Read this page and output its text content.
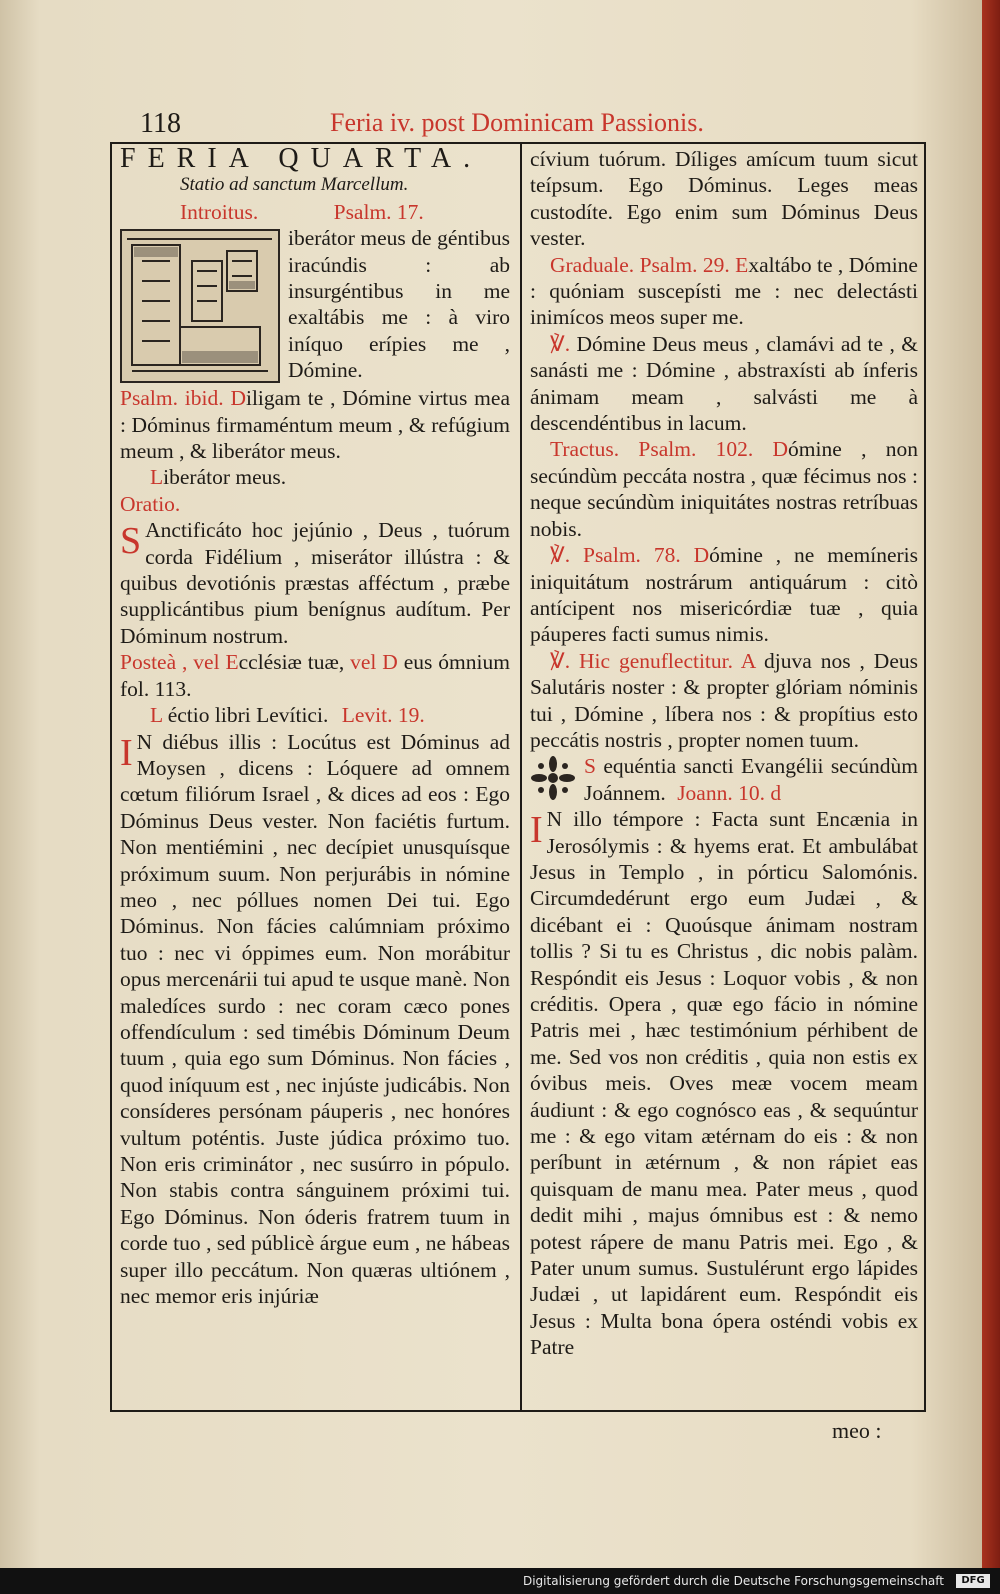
118	Feria iv. post Dominicam Passionis.

FERIA QUARTA.

Statio ad sanctum Marcellum.

Introitus.	Psalm. 17.

iberátor meus de géntibus iracúndis : ab insurgéntibus in me exaltábis me : à viro iníquo erípies me , Dómine.

Psalm. ibid. Diligam te , Dómine virtus mea : Dóminus firmaméntum meum , & refúgium meum , & liberátor meus.

Liberátor meus.

Oratio.

S Anctificáto hoc jejúnio , Deus , tuórum corda Fidélium , miserátor illústra : & quibus devotiónis præstas afféctum , præbe supplicántibus pium benígnus audítum. Per Dóminum nostrum.

Posteà , vel Ecclésiæ tuæ, vel D eus ómnium fol. 113.

L éctio libri Levítici. Levit. 19.

I N diébus illis : Locútus est Dóminus ad Moysen , dicens : Lóquere ad omnem cœtum filiórum Israel , & dices ad eos : Ego Dóminus Deus vester. Non faciétis furtum. Non mentiémini , nec decípiet unusquísque próximum suum. Non perjurábis in nómine meo , nec póllues nomen Dei tui. Ego Dóminus. Non fácies calúmniam próximo tuo : nec vi óppimes eum. Non morábitur opus mercenárii tui apud te usque manè. Non maledíces surdo : nec coram cæco pones offendículum : sed timébis Dóminum Deum tuum , quia ego sum Dóminus. Non fácies , quod iníquum est , nec injúste judicábis. Non consíderes persónam páuperis , nec honóres vultum poténtis. Juste júdica próximo tuo. Non eris criminátor , nec susúrro in pópulo. Non stabis contra sánguinem próximi tui. Ego Dóminus. Non óderis fratrem tuum in corde tuo , sed públicè árgue eum , ne hábeas super illo peccátum. Non quæras ultiónem , nec memor eris injúriæ

cívium tuórum. Díliges amícum tuum sicut teípsum. Ego Dóminus. Leges meas custodíte. Ego enim sum Dóminus Deus vester.

Graduale. Psalm. 29. Exaltábo te , Dómine : quóniam suscepísti me : nec delectásti inimícos meos super me.

℣. Dómine Deus meus , clamávi ad te , & sanásti me : Dómine , abstraxísti ab ínferis ánimam meam , salvásti me à descendéntibus in lacum.

Tractus. Psalm. 102. Dómine , non secúndùm peccáta nostra , quæ fécimus nos : neque secúndùm iniquitátes nostras retríbuas nobis.

℣. Psalm. 78. Dómine , ne memíneris iniquitátum nostrárum antiquárum : citò antícipent nos misericórdiæ tuæ , quia páuperes facti sumus nimis.

℣. Hic genuflectitur. A djuva nos , Deus Salutáris noster : & propter glóriam nóminis tui , Dómine , líbera nos : & propítius esto peccátis nostris , propter nomen tuum.

S equéntia sancti Evangélii secúndùm Joánnem. Joann. 10. d

I N illo témpore : Facta sunt Encænia in Jerosólymis : & hyems erat. Et ambulábat Jesus in Templo , in pórticu Salomónis. Circumdedérunt ergo eum Judæi , & dicébant ei : Quoúsque ánimam nostram tollis ? Si tu es Christus , dic nobis palàm. Respóndit eis Jesus : Loquor vobis , & non créditis. Opera , quæ ego fácio in nómine Patris mei , hæc testimónium pérhibent de me. Sed vos non créditis , quia non estis ex óvibus meis. Oves meæ vocem meam áudiunt : & ego cognósco eas , & sequúntur me : & ego vitam ætérnam do eis : & non períbunt in ætérnum , & non rápiet eas quisquam de manu mea. Pater meus , quod dedit mihi , majus ómnibus est : & nemo potest rápere de manu Patris mei. Ego , & Pater unum sumus. Sustulérunt ergo lápides Judæi , ut lapidárent eum. Respóndit eis Jesus : Multa bona ópera osténdi vobis ex Patre

meo :
Digitalisierung gefördert durch die Deutsche Forschungsgemeinschaft	DFG
